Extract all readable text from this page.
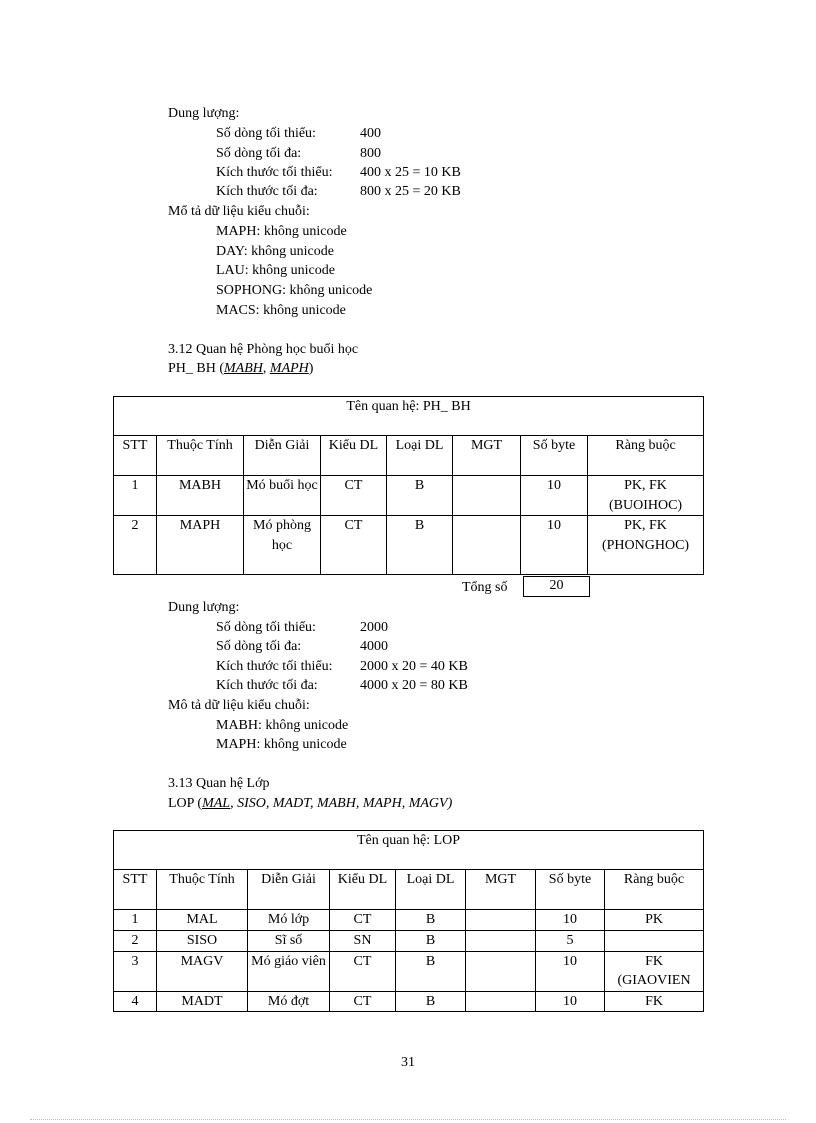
Dung lượng:
Số dòng tối thiểu:	400
Số dòng tối đa:	800
Kích thước tối thiểu: 400 x 25 = 10 KB
Kích thước tối đa:	800 x 25 = 20 KB
Mổ tả dữ liệu kiểu chuỗi:
MAPH: không unicode
DAY: không unicode
LAU: không unicode
SOPHONG: không unicode
MACS: không unicode
3.12 Quan hệ Phòng học buổi học
PH_ BH (MABH, MAPH)
Tên quan hệ: PH_ BH							
STT	Thuộc Tính	Diễn Giải	Kiểu DL	Loại DL	MGT	Số byte	Ràng buộc
1	MABH	Mó buổi học	CT	B		10	PK, FK (BUOIHOC)
2	MAPH	Mó phòng học	CT	B		10	PK, FK (PHONGHOC)
Tổng số	20
Dung lượng:
Số dòng tối thiểu:	2000
Số dòng tối đa:	4000
Kích thước tối thiểu: 2000 x 20 = 40 KB
Kích thước tối đa:	4000 x 20 = 80 KB
Mô tả dữ liệu kiểu chuỗi:
MABH: không unicode
MAPH: không unicode
3.13 Quan hệ Lớp
LOP (MAL, SISO, MADT, MABH, MAPH, MAGV)
Tên quan hệ: LOP							
STT	Thuộc Tính	Diễn Giải	Kiểu DL	Loại DL	MGT	Số byte	Ràng buộc
1	MAL	Mó lớp	CT	B		10	PK
2	SISO	Sĩ số	SN	B		5	
3	MAGV	Mó giáo viên	CT	B		10	FK (GIAOVIEN
4	MADT	Mó đợt	CT	B		10	FK
31
